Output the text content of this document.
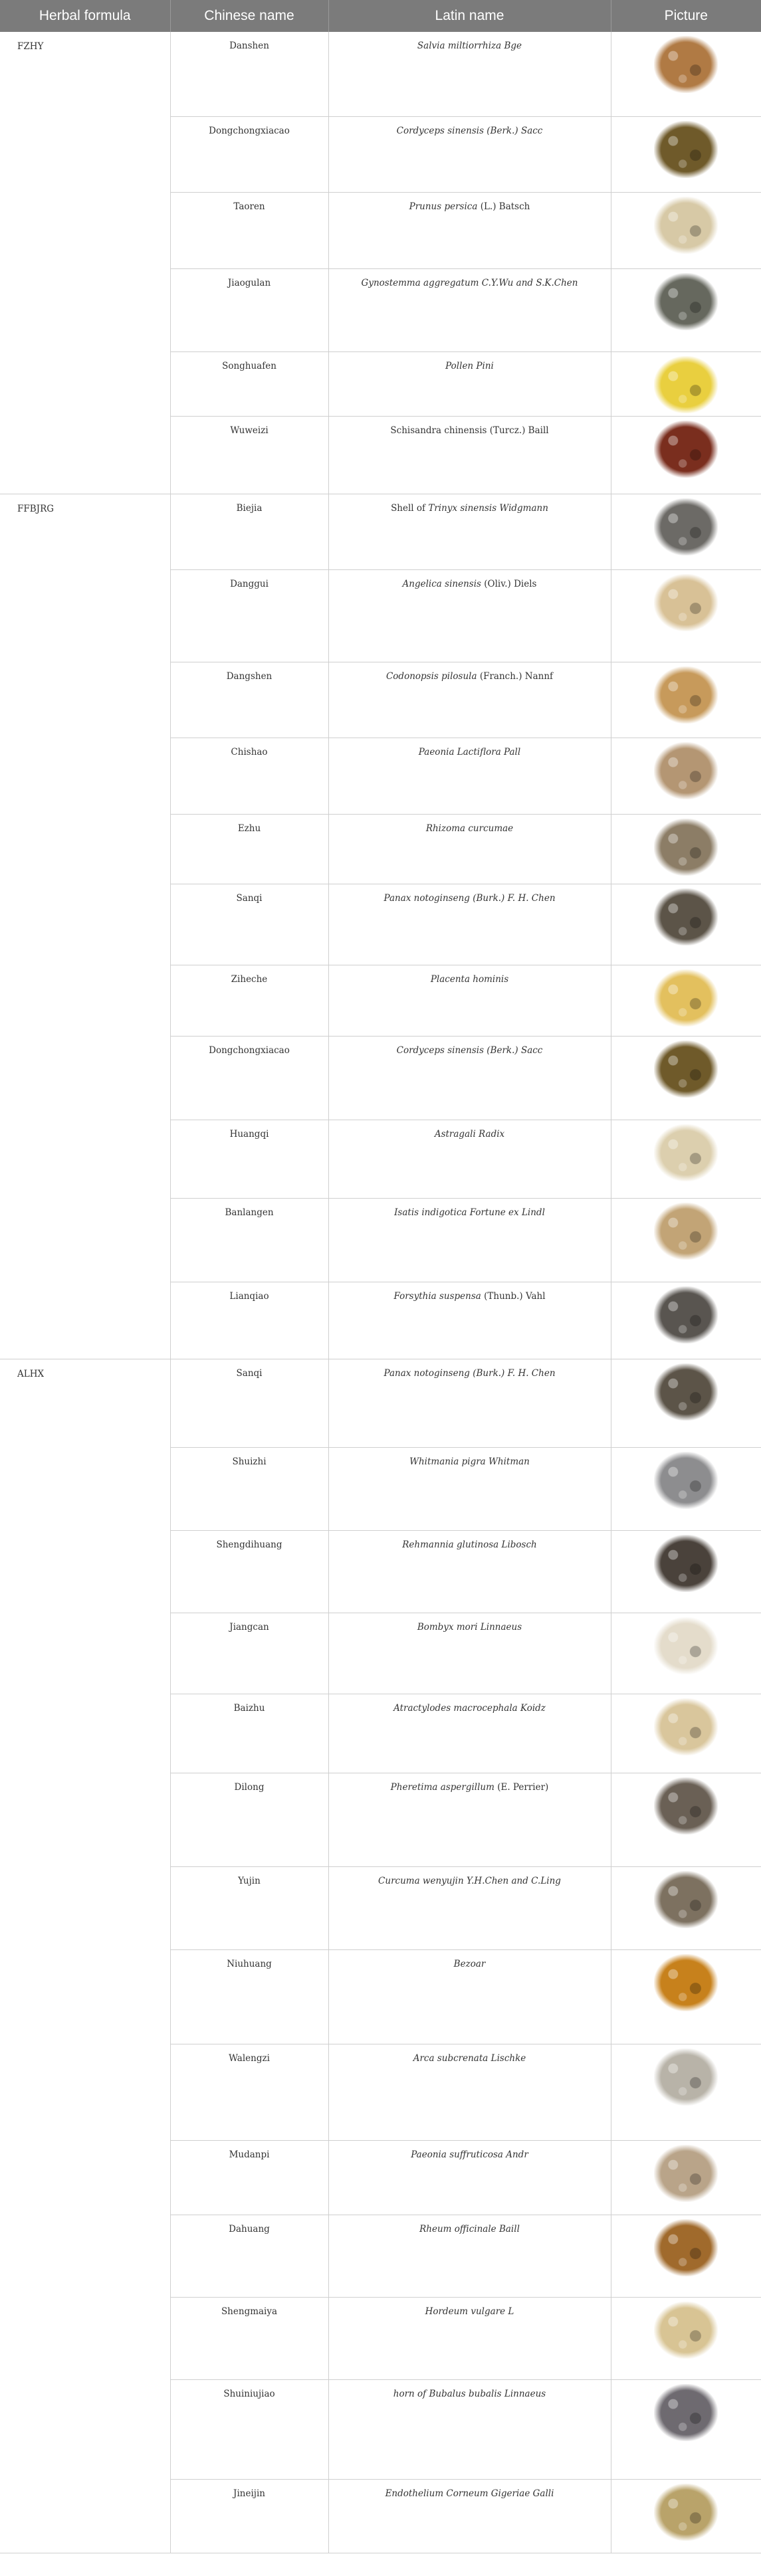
Herbal formula	Chinese name	Latin name	Picture
FZHY	Danshen	Salvia miltiorrhiza Bge	
	Dongchongxiacao	Cordyceps sinensis (Berk.) Sacc	
	Taoren	Prunus persica (L.) Batsch	
	Jiaogulan	Gynostemma aggregatum C.Y.Wu and S.K.Chen	
	Songhuafen	Pollen Pini	
	Wuweizi	Schisandra chinensis (Turcz.) Baill	
FFBJRG	Biejia	Shell of Trinyx sinensis Widgmann	
	Danggui	Angelica sinensis (Oliv.) Diels	
	Dangshen	Codonopsis pilosula (Franch.) Nannf	
	Chishao	Paeonia Lactiflora Pall	
	Ezhu	Rhizoma curcumae	
	Sanqi	Panax notoginseng (Burk.) F. H. Chen	
	Ziheche	Placenta hominis	
	Dongchongxiacao	Cordyceps sinensis (Berk.) Sacc	
	Huangqi	Astragali Radix	
	Banlangen	Isatis indigotica Fortune ex Lindl	
	Lianqiao	Forsythia suspensa (Thunb.) Vahl	
ALHX	Sanqi	Panax notoginseng (Burk.) F. H. Chen	
	Shuizhi	Whitmania pigra Whitman	
	Shengdihuang	Rehmannia glutinosa Libosch	
	Jiangcan	Bombyx mori Linnaeus	
	Baizhu	Atractylodes macrocephala Koidz	
	Dilong	Pheretima aspergillum (E. Perrier)	
	Yujin	Curcuma wenyujin Y.H.Chen and C.Ling	
	Niuhuang	Bezoar	
	Walengzi	Arca subcrenata Lischke	
	Mudanpi	Paeonia suffruticosa Andr	
	Dahuang	Rheum officinale Baill	
	Shengmaiya	Hordeum vulgare L	
	Shuiniujiao	horn of Bubalus bubalis Linnaeus	
	Jineijin	Endothelium Corneum Gigeriae Galli	
